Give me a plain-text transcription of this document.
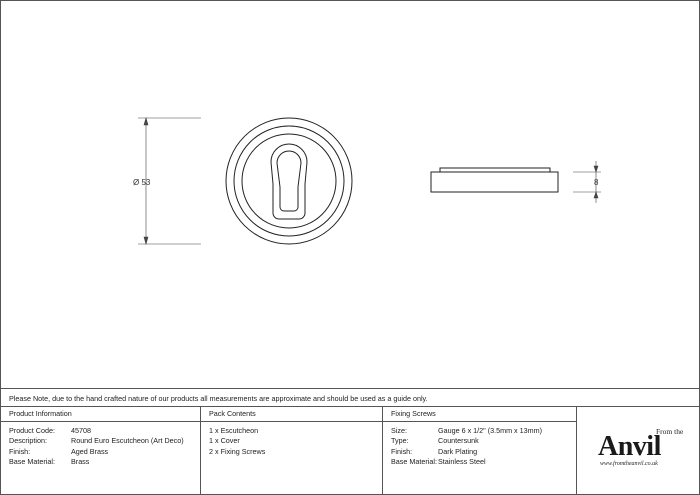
Ø 53	8
Please Note, due to the hand crafted nature of our products all measurements are approximate and should be used as a guide only.
Product Information
Product Code:	45708
Description:	Round Euro Escutcheon (Art Deco)
Finish:	Aged Brass
Base Material:	Brass
Pack Contents
1 x Escutcheon
1 x Cover
2 x Fixing Screws
Fixing Screws
Size:	Gauge 6 x 1/2" (3.5mm x 13mm)
Type:	Countersunk
Finish:	Dark Plating
Base Material: Stainless Steel
From the
Anvil
www.fromtheanvil.co.uk
